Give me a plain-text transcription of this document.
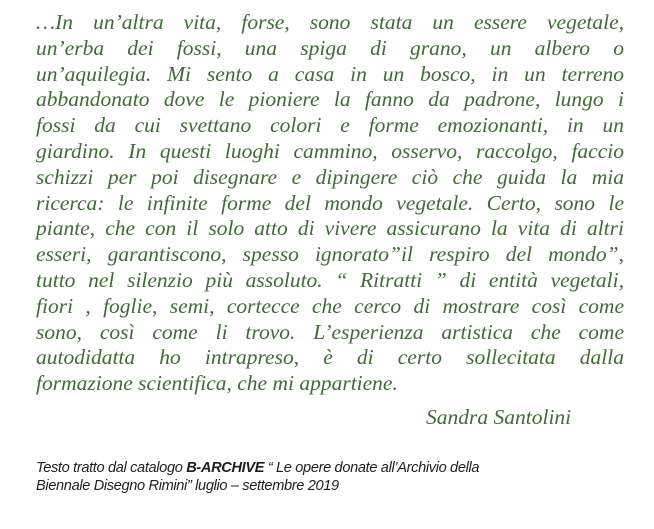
…In un’altra vita, forse, sono stata un essere vegetale,
un’erba dei fossi, una spiga di grano, un albero o
un’aquilegia. Mi sento a casa in un bosco, in un terreno
abbandonato dove le pioniere la fanno da padrone, lungo i
fossi da cui svettano colori e forme emozionanti, in un
giardino. In questi luoghi cammino, osservo, raccolgo, faccio
schizzi per poi disegnare e dipingere ciò che guida la mia
ricerca: le infinite forme del mondo vegetale. Certo, sono le
piante, che con il solo atto di vivere assicurano la vita di altri
esseri, garantiscono, spesso ignorato”il respiro del mondo”,
tutto nel silenzio più assoluto. “ Ritratti ” di entità vegetali,
fiori , foglie, semi, cortecce che cerco di mostrare così come
sono, così come li trovo. L’esperienza artistica che come
autodidatta ho intrapreso, è di certo sollecitata dalla
formazione scientifica, che mi appartiene.
Sandra Santolini
Testo tratto dal catalogo B-ARCHIVE “ Le opere donate all’Archivio della
Biennale Disegno Rimini” luglio – settembre 2019
